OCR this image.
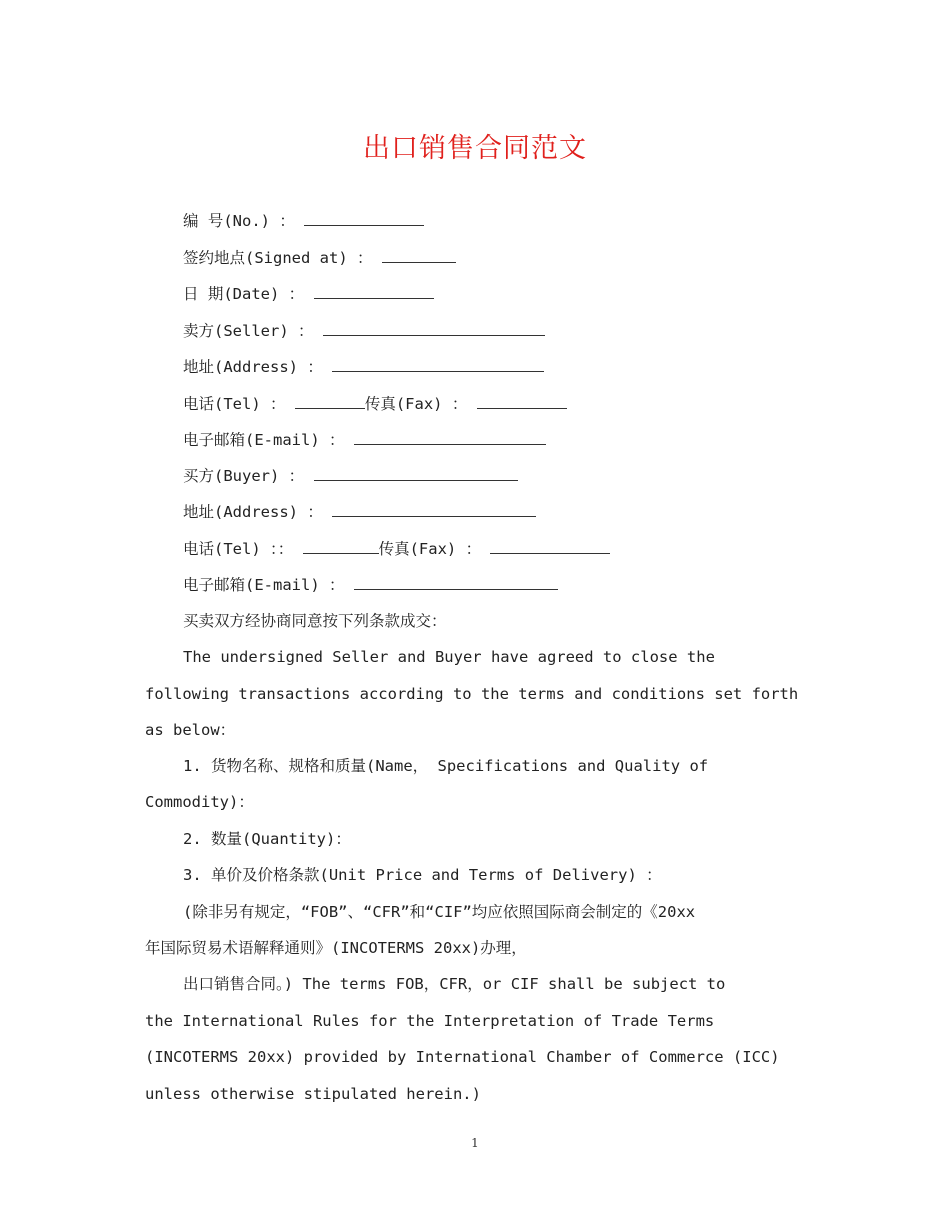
出口销售合同范文
编 号(No.) ：
签约地点(Signed at) ：
日 期(Date) ：
卖方(Seller) ：
地址(Address) ：
电话(Tel) ：	传真(Fax) ：
电子邮箱(E-mail) ：
买方(Buyer) ：
地址(Address) ：
电话(Tel) ：：	传真(Fax) ：
电子邮箱(E-mail) ：
买卖双方经协商同意按下列条款成交：
The undersigned Seller and Buyer have agreed to close the
following transactions according to the terms and conditions set forth
as below：
1. 货物名称、规格和质量(Name， Specifications and Quality of
Commodity)：
2. 数量(Quantity)：
3. 单价及价格条款(Unit Price and Terms of Delivery) ：
(除非另有规定，“FOB”、“CFR”和“CIF”均应依照国际商会制定的《20xx
年国际贸易术语解释通则》(INCOTERMS 20xx)办理，
出口销售合同。) The terms FOB，CFR，or CIF shall be subject to
the International Rules for the Interpretation of Trade Terms
(INCOTERMS 20xx) provided by International Chamber of Commerce (ICC)
unless otherwise stipulated herein.)
1
